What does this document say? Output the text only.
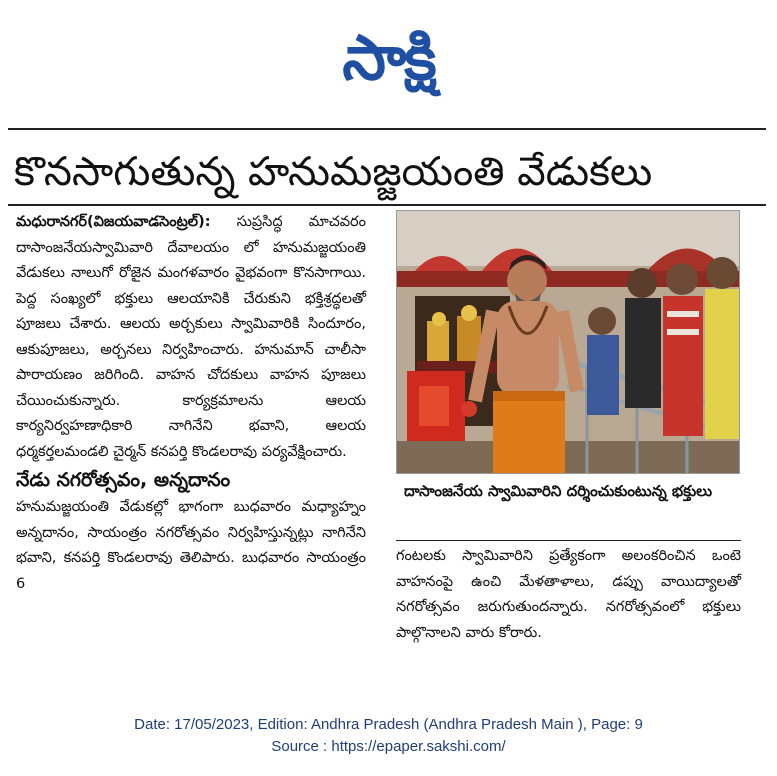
సాక్షి
కొనసాగుతున్న హనుమజ్జయంతి వేడుకలు

మధురానగర్‌(విజయవాడసెంట్రల్‌): సుప్రసిద్ధ మాచవరం దాసాంజనేయస్వామివారి దేవాలయం లో హనుమజ్జయంతి వేడుకలు నాలుగో రోజైన మంగళవారం వైభవంగా కొనసాగాయి. పెద్ద సంఖ్యలో భక్తులు ఆలయానికి చేరుకుని భక్తిశ్రద్ధలతో పూజలు చేశారు. ఆలయ అర్చకులు స్వామివారికి సిందూరం, ఆకుపూజలు, అర్చనలు నిర్వహించారు. హనుమాన్‌ చాలీసా పారాయణం జరిగింది. వాహన చోదకులు వాహన పూజలు చేయించుకున్నారు. కార్యక్రమాలను ఆలయ కార్యనిర్వహణాధికారి నాగినేని భవాని, ఆలయ ధర్మకర్తలమండలి చైర్మన్‌ కనపర్తి కొండలరావు పర్యవేక్షించారు.

నేడు నగరోత్సవం, అన్నదానం

హనుమజ్జయంతి వేడుకల్లో భాగంగా బుధవారం మధ్యాహ్నం అన్నదానం, సాయంత్రం నగరోత్సవం నిర్వహిస్తున్నట్లు నాగినేని భవాని, కనపర్తి కొండలరావు తెలిపారు. బుధవారం సాయంత్రం 6

దాసాంజనేయ స్వామివారిని దర్శించుకుంటున్న భక్తులు

గంటలకు స్వామివారిని ప్రత్యేకంగా అలంకరించిన ఒంటె వాహనంపై ఉంచి మేళతాళాలు, డప్పు వాయిద్యాలతో నగరోత్సవం జరుగుతుందన్నారు. నగరోత్సవంలో భక్తులు పాల్గొనాలని వారు కోరారు.

Date: 17/05/2023, Edition: Andhra Pradesh (Andhra Pradesh Main ), Page: 9
Source : https://epaper.sakshi.com/
